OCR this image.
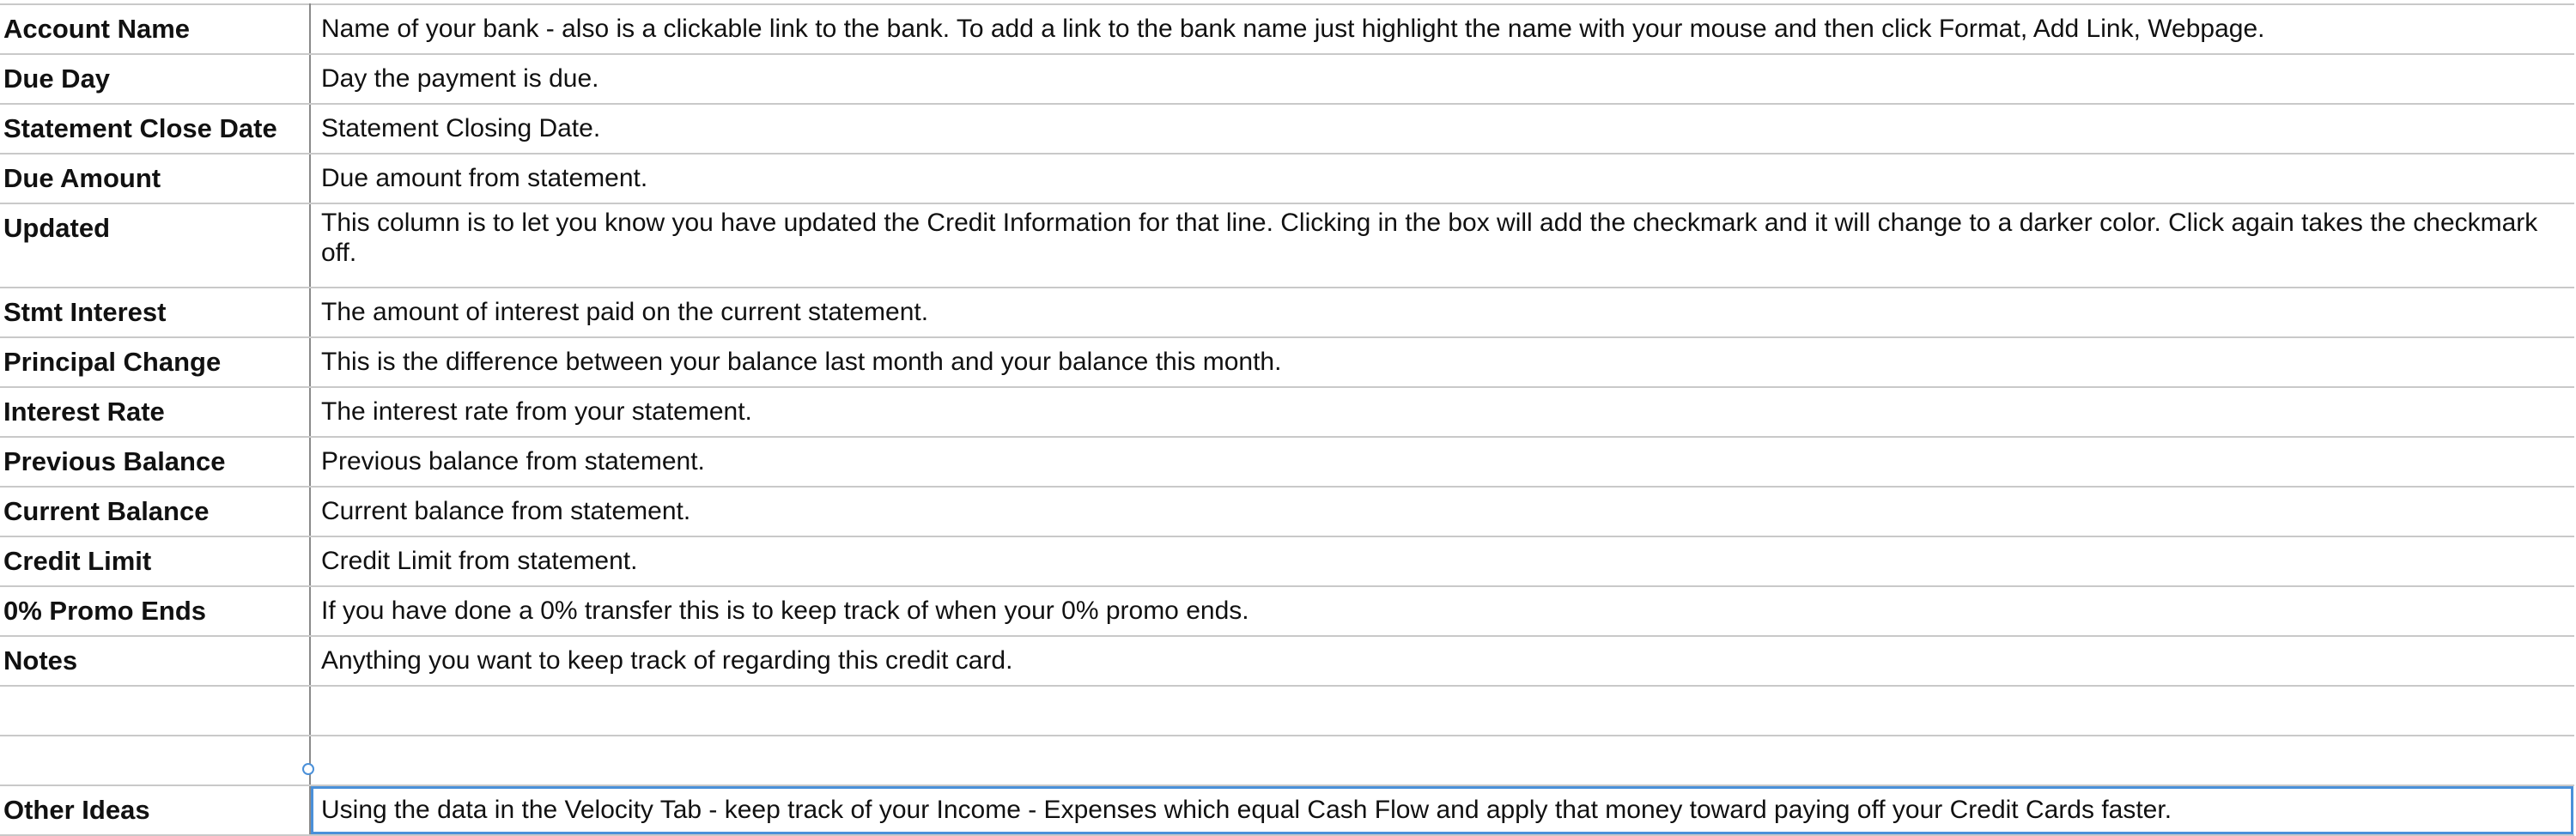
Account Name	Name of your bank - also is a clickable link to the bank. To add a link to the bank name just highlight the name with your mouse and then click Format, Add Link, Webpage.
Due Day	Day the payment is due.
Statement Close Date	Statement Closing Date.
Due Amount	Due amount from statement.
Updated	This column is to let you know you have updated the Credit Information for that line. Clicking in the box will add the checkmark and it will change to a darker color. Click again takes the checkmark off.
Stmt Interest	The amount of interest paid on the current statement.
Principal Change	This is the difference between your balance last month and your balance this month.
Interest Rate	The interest rate from your statement.
Previous Balance	Previous balance from statement.
Current Balance	Current balance from statement.
Credit Limit	Credit Limit from statement.
0% Promo Ends	If you have done a 0% transfer this is to keep track of when your 0% promo ends.
Notes	Anything you want to keep track of regarding this credit card.

Other Ideas	Using the data in the Velocity Tab - keep track of your Income - Expenses which equal Cash Flow and apply that money toward paying off your Credit Cards faster.
